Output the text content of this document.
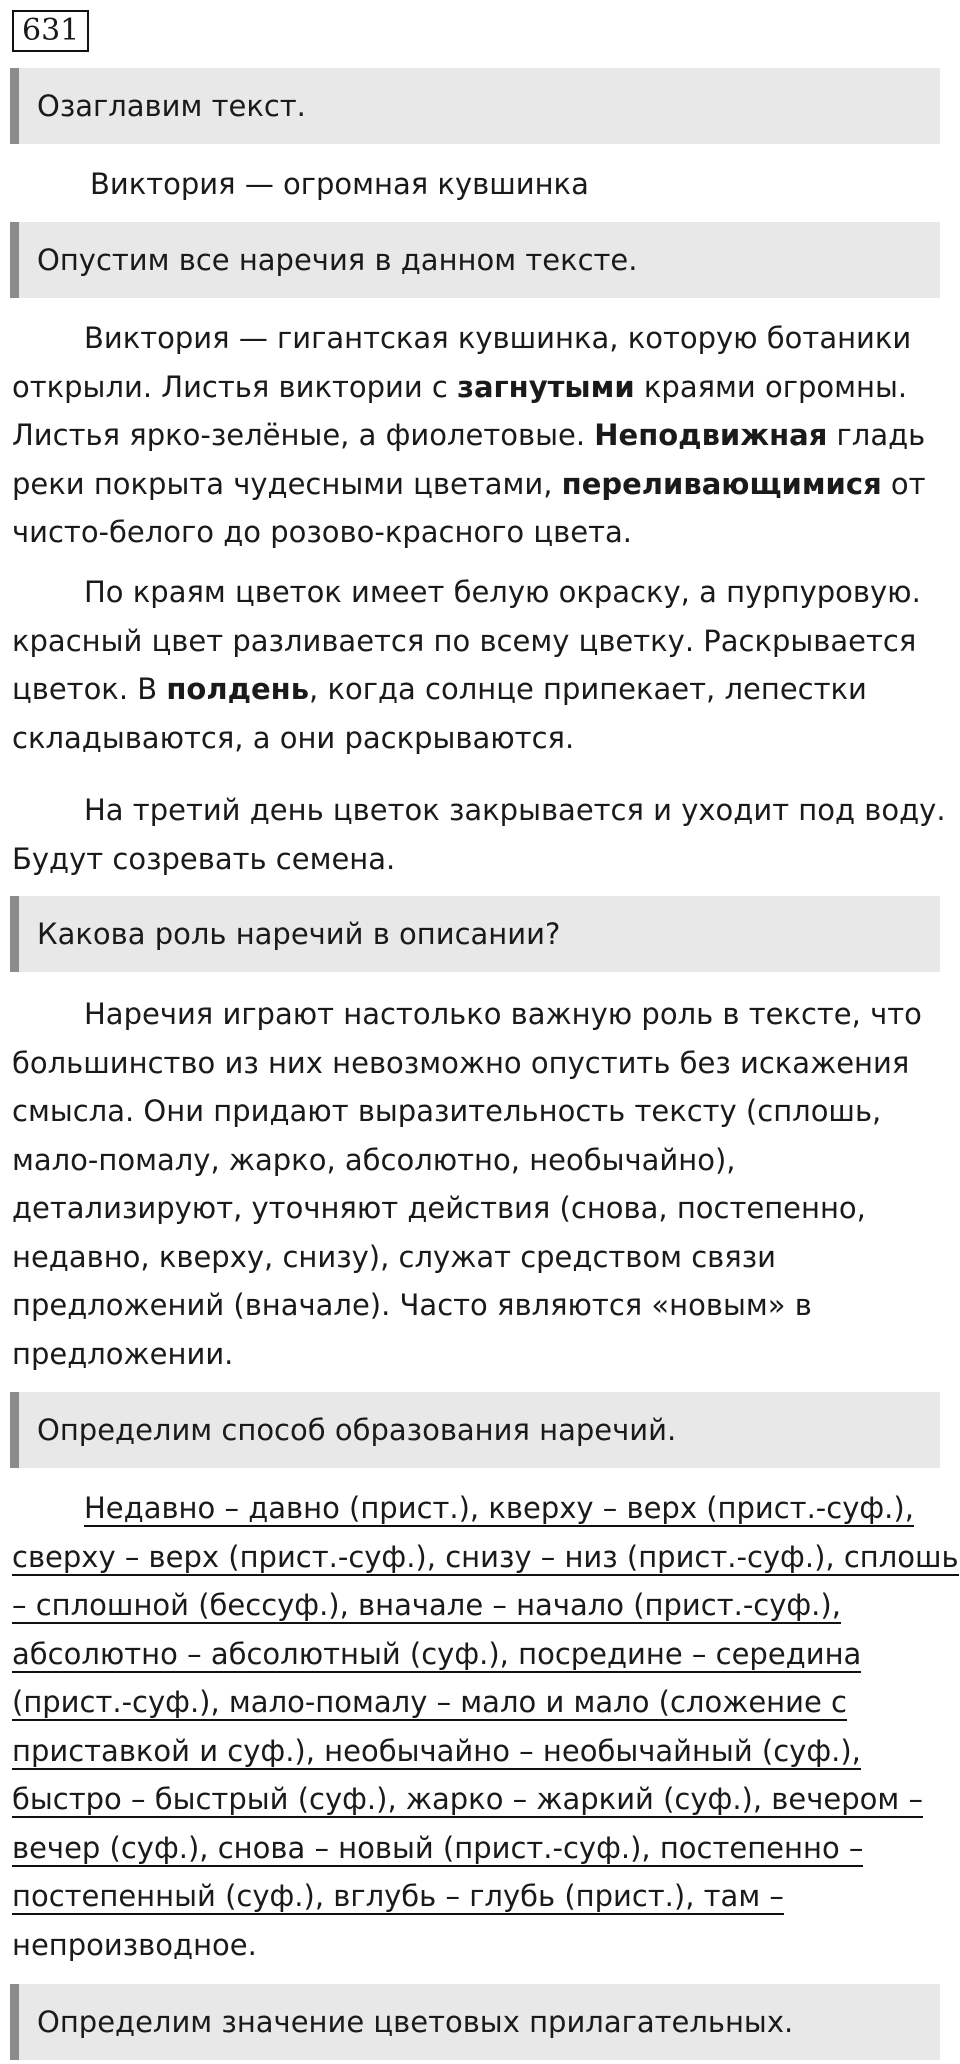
631
Озаглавим текст.
Виктория — огромная кувшинка
Опустим все наречия в данном тексте.
Виктория — гигантская кувшинка, которую ботаники
открыли. Листья виктории с загнутыми краями огромны.
Листья ярко-зелёные, а фиолетовые. Неподвижная гладь
реки покрыта чудесными цветами, переливающимися от
чисто-белого до розово-красного цвета.
По краям цветок имеет белую окраску, а пурпуровую.
красный цвет разливается по всему цветку. Раскрывается
цветок. В полдень, когда солнце припекает, лепестки
складываются, а они раскрываются.
На третий день цветок закрывается и уходит под воду.
Будут созревать семена.
Какова роль наречий в описании?
Наречия играют настолько важную роль в тексте, что
большинство из них невозможно опустить без искажения
смысла. Они придают выразительность тексту (сплошь,
мало-помалу, жарко, абсолютно, необычайно),
детализируют, уточняют действия (снова, постепенно,
недавно, кверху, снизу), служат средством связи
предложений (вначале). Часто являются «новым» в
предложении.
Определим способ образования наречий.
Недавно – давно (прист.), кверху – верх (прист.-суф.),
сверху – верх (прист.-суф.), снизу – низ (прист.-суф.), сплошь
– сплошной (бессуф.), вначале – начало (прист.-суф.),
абсолютно – абсолютный (суф.), посредине – середина
(прист.-суф.), мало-помалу – мало и мало (сложение с
приставкой и суф.), необычайно – необычайный (суф.),
быстро – быстрый (суф.), жарко – жаркий (суф.), вечером –
вечер (суф.), снова – новый (прист.-суф.), постепенно –
постепенный (суф.), вглубь – глубь (прист.), там –
непроизводное.
Определим значение цветовых прилагательных.
